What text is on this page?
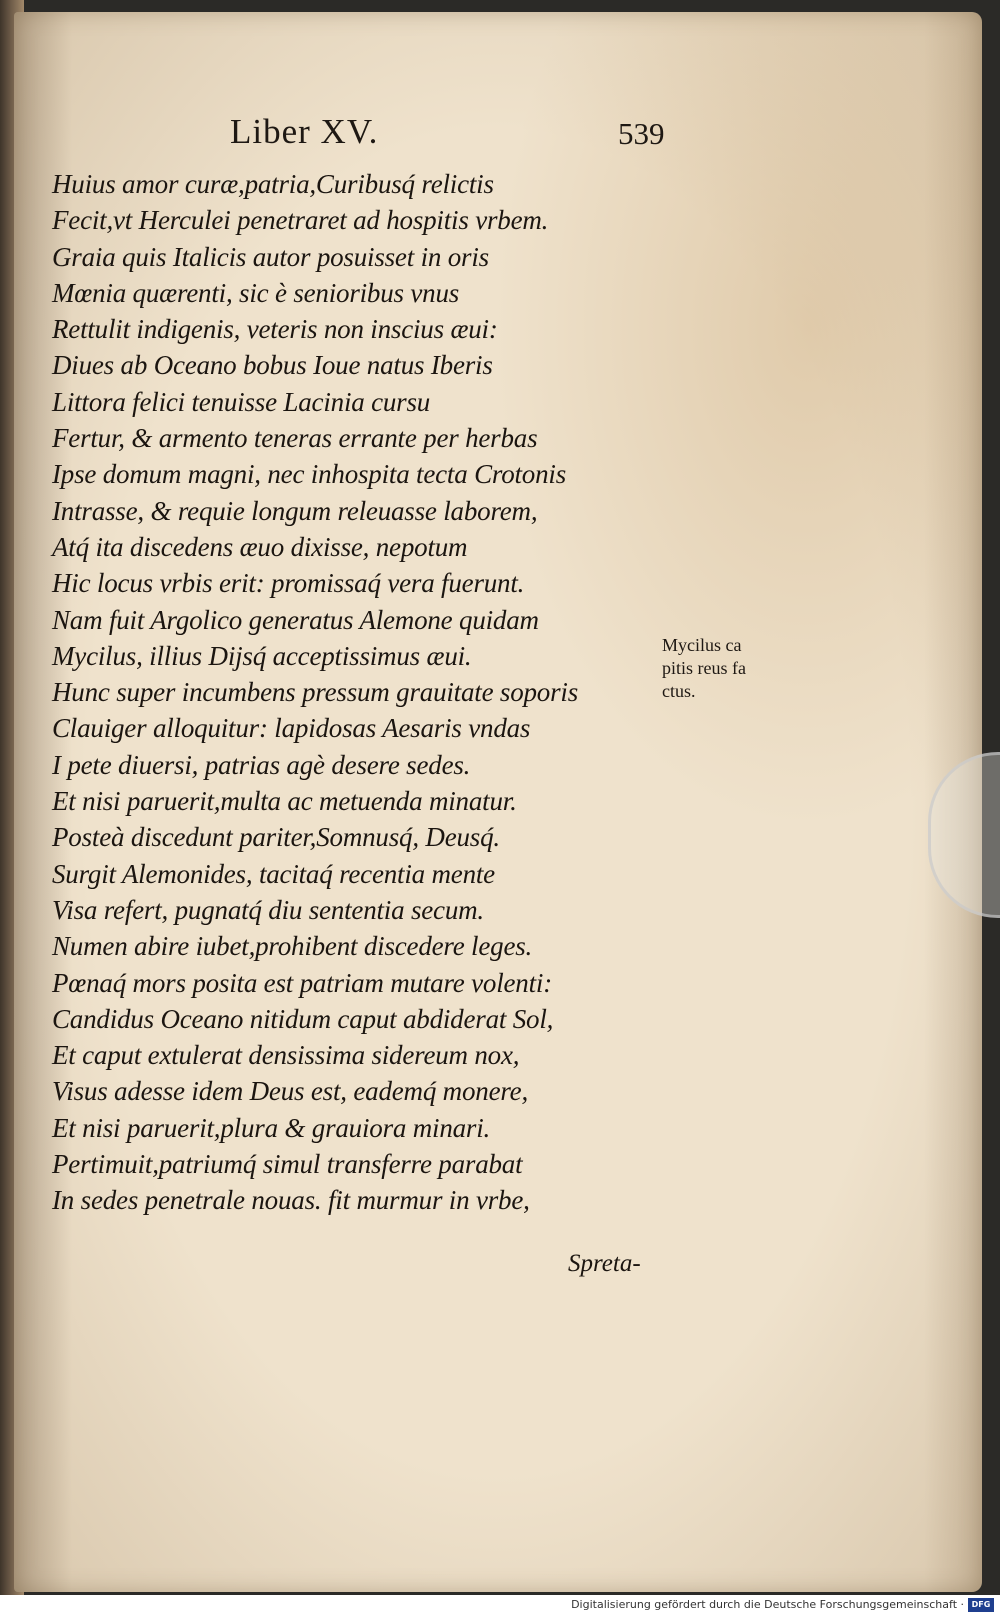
Liber XV.	539
Huius amor curæ,patria,Curibusq́ relictis
Fecit,vt Herculei penetraret ad hospitis vrbem.
Graia quis Italicis autor posuisset in oris
Mœnia quærenti, sic è senioribus vnus
Rettulit indigenis, veteris non inscius æui:
Diues ab Oceano bobus Ioue natus Iberis
Littora felici tenuisse Lacinia cursu
Fertur, & armento teneras errante per herbas
Ipse domum magni, nec inhospita tecta Crotonis
Intrasse, & requie longum releuasse laborem,
Atq́ ita discedens æuo dixisse, nepotum
Hic locus vrbis erit: promissaq́ vera fuerunt.
Nam fuit Argolico generatus Alemone quidam
Mycilus, illius Dijsq́ acceptissimus æui.
Hunc super incumbens pressum grauitate soporis
Clauiger alloquitur: lapidosas Aesaris vndas
I pete diuersi, patrias agè desere sedes.
Et nisi paruerit,multa ac metuenda minatur.
Posteà discedunt pariter,Somnusq́, Deusq́.
Surgit Alemonides, tacitaq́ recentia mente
Visa refert, pugnatq́ diu sententia secum.
Numen abire iubet,prohibent discedere leges.
Pœnaq́ mors posita est patriam mutare volenti:
Candidus Oceano nitidum caput abdiderat Sol,
Et caput extulerat densissima sidereum nox,
Visus adesse idem Deus est, eademq́ monere,
Et nisi paruerit,plura & grauiora minari.
Pertimuit,patriumq́ simul transferre parabat
In sedes penetrale nouas. fit murmur in vrbe,
Mycilus ca
pitis reus fa
ctus.
Spreta-
Digitalisierung gefördert durch die Deutsche Forschungsgemeinschaft · DFG
